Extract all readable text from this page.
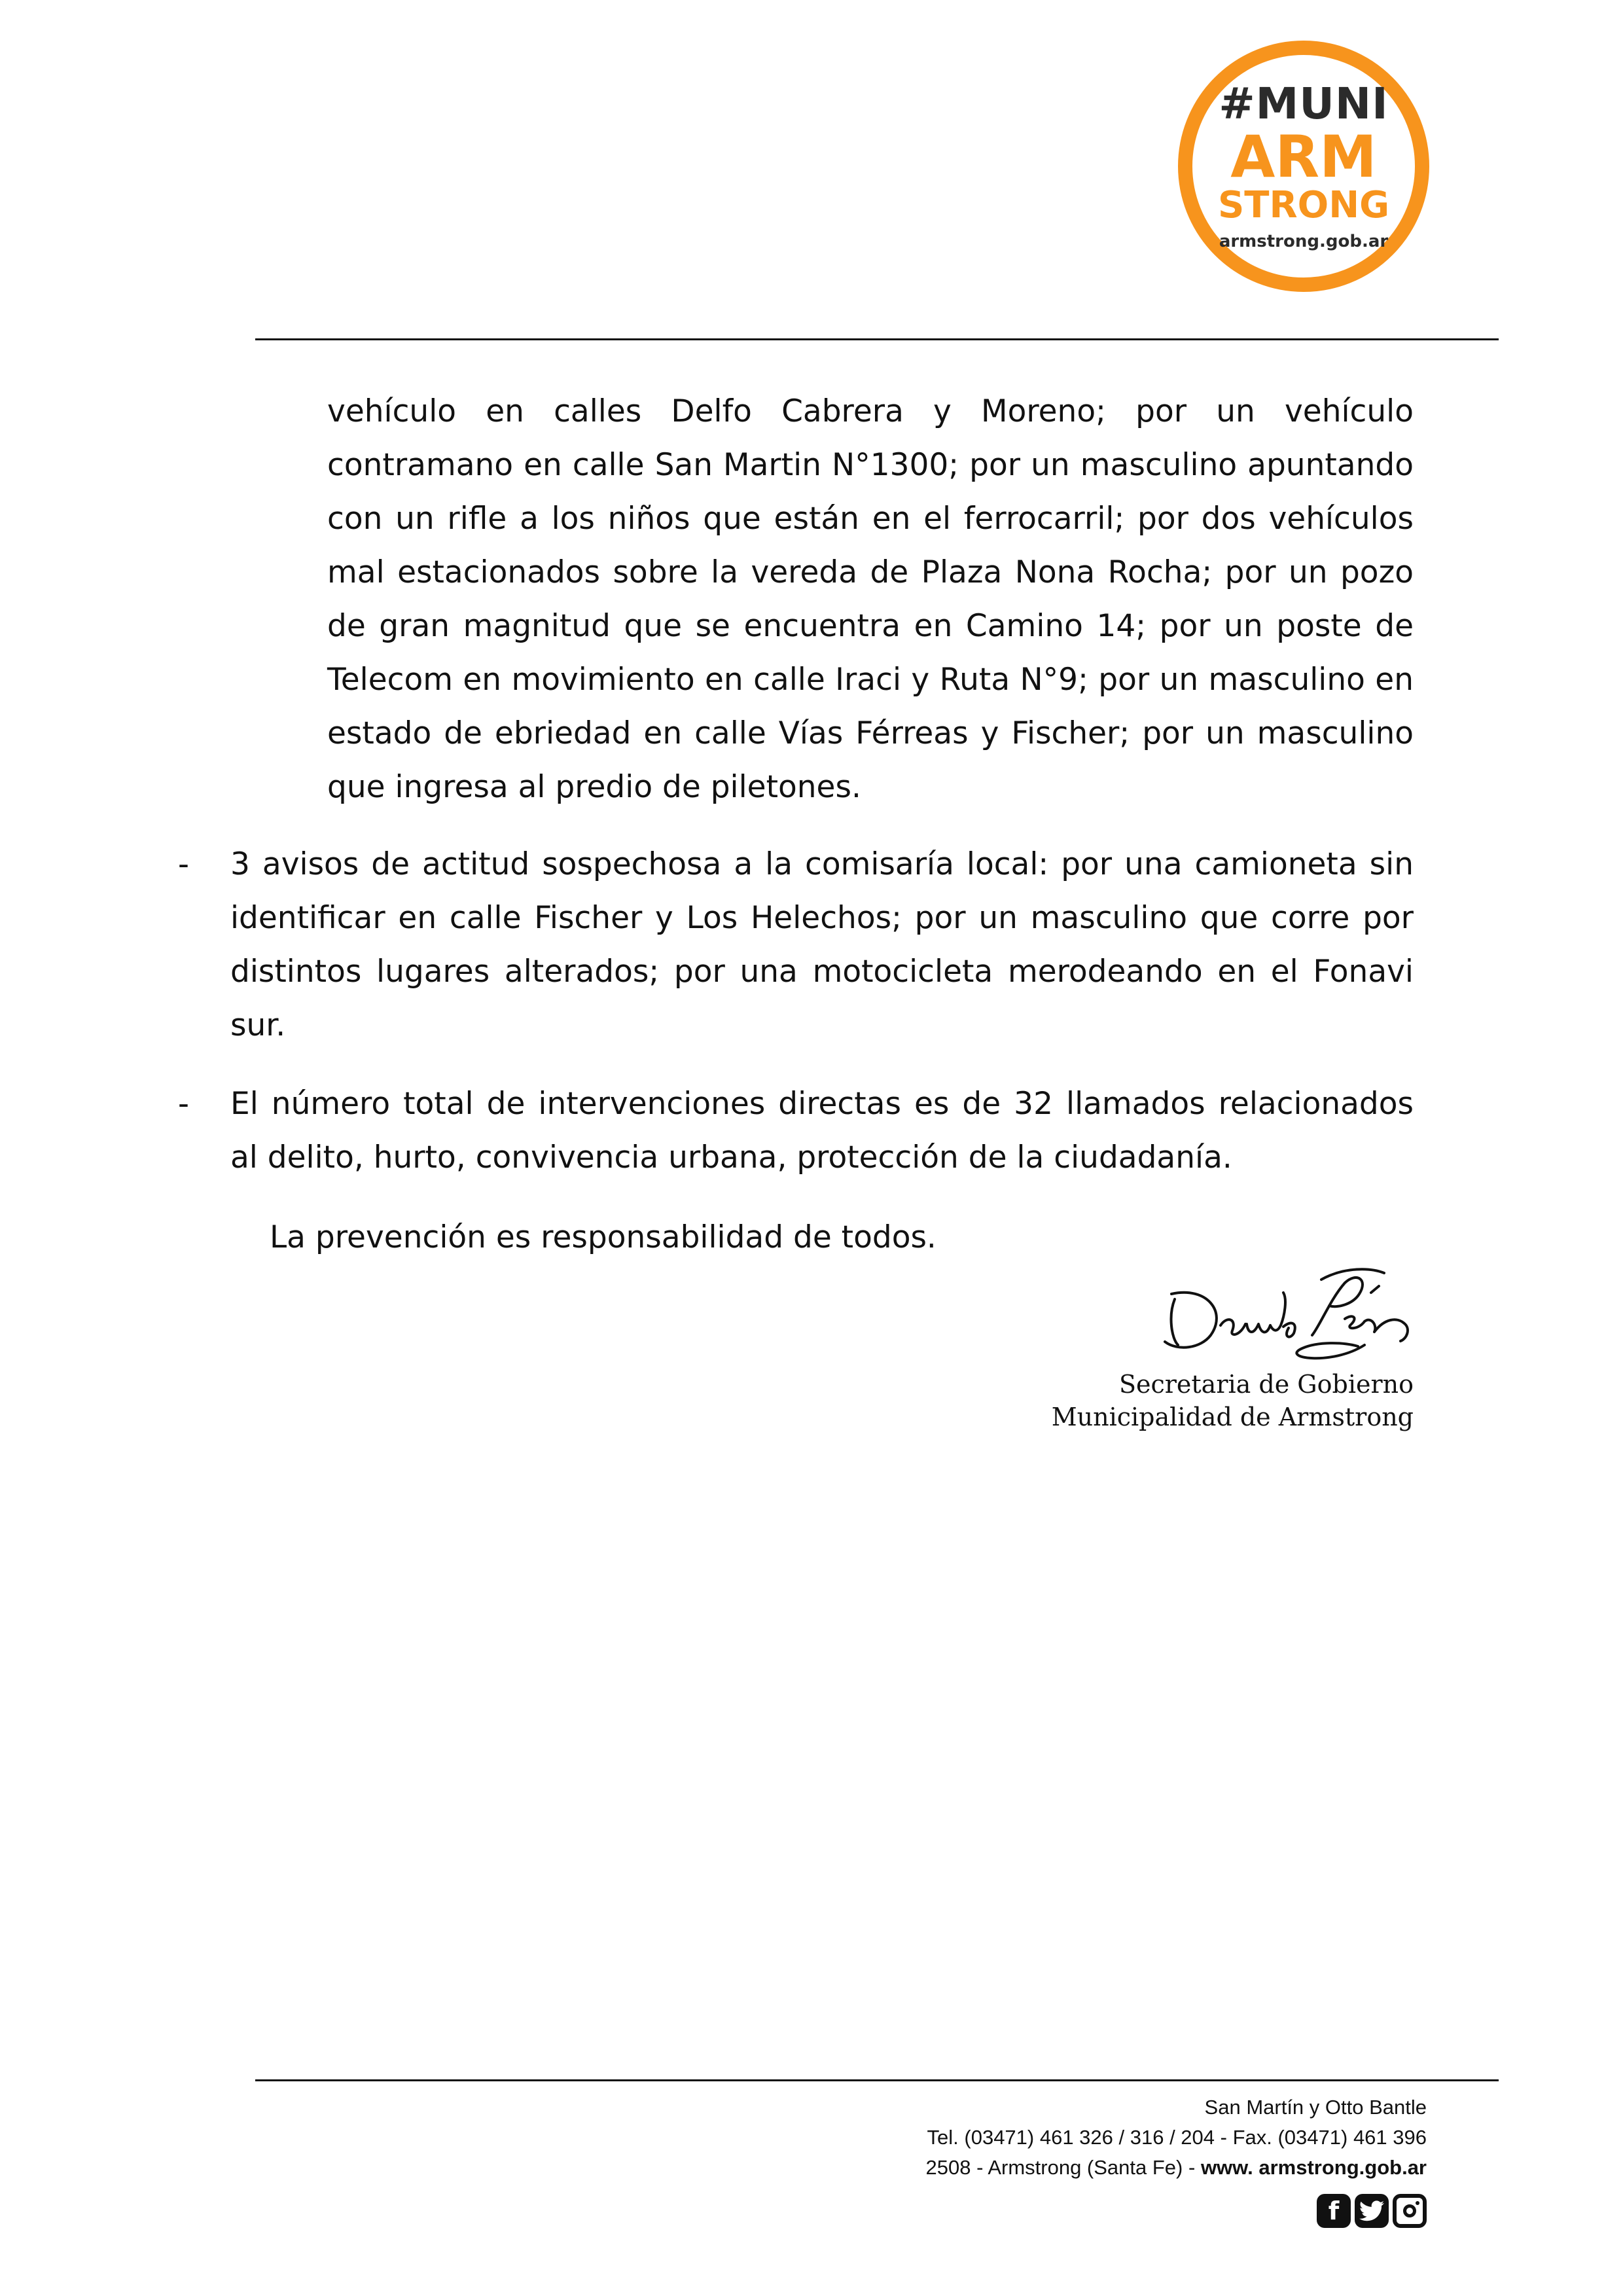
#MUNI
ARM
STRONG
armstrong.gob.ar
vehículo en calles Delfo Cabrera y Moreno; por un vehículo contramano en calle San Martin N°1300; por un masculino apuntando con un rifle a los niños que están en el ferrocarril; por dos vehículos mal estacionados sobre la vereda de Plaza Nona Rocha; por un pozo de gran magnitud que se encuentra en Camino 14; por un poste de Telecom en movimiento en calle Iraci y Ruta N°9; por un masculino en estado de ebriedad en calle Vías Férreas y Fischer; por un masculino que ingresa al predio de piletones.
- 3 avisos de actitud sospechosa a la comisaría local: por una camioneta sin identificar en calle Fischer y Los Helechos; por un masculino que corre por distintos lugares alterados; por una motocicleta merodeando en el Fonavi sur.
- El número total de intervenciones directas es de 32 llamados relacionados al delito, hurto, convivencia urbana, protección de la ciudadanía.
La prevención es responsabilidad de todos.
Secretaria de Gobierno
Municipalidad de Armstrong
San Martín y Otto Bantle
Tel. (03471) 461 326 / 316 / 204 - Fax. (03471) 461 396
2508 - Armstrong (Santa Fe) - www. armstrong.gob.ar
f
